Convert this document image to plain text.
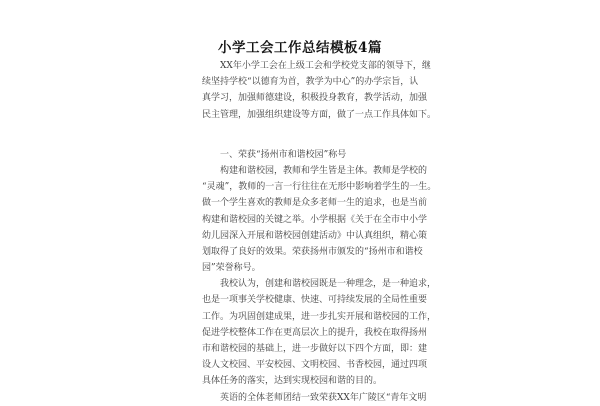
小学工会工作总结模板4篇
　　XX年小学工会在上级工会和学校党支部的领导下，继
续坚持学校“以德育为首，教学为中心”的办学宗旨，认
真学习，加强师德建设，积极投身教育，教学活动，加强
民主管理，加强组织建设等方面，做了一点工作具体如下。
　　一、荣获“扬州市和谐校园”称号
　　构建和谐校园，教师和学生皆是主体。教师是学校的
“灵魂”，教师的一言一行往往在无形中影响着学生的一生。
做一个学生喜欢的教师是众多老师一生的追求，也是当前
构建和谐校园的关键之举。小学根据《关于在全市中小学
幼儿园深入开展和谐校园创建活动》中认真组织，精心策
划取得了良好的效果。荣获扬州市颁发的“扬州市和谐校
园”荣誉称号。
　　我校认为，创建和谐校园既是一种理念，是一种追求，
也是一项事关学校健康、快速、可持续发展的全局性重要
工作。为巩固创建成果，进一步扎实开展和谐校园的工作，
促进学校整体工作在更高层次上的提升，我校在取得扬州
市和谐校园的基础上，进一步做好以下四个方面，即：建
设人文校园、平安校园、文明校园、书香校园，通过四项
具体任务的落实，达到实现校园和谐的目的。
　　英语的全体老师团结一致荣获XX年广陵区“青年文明
